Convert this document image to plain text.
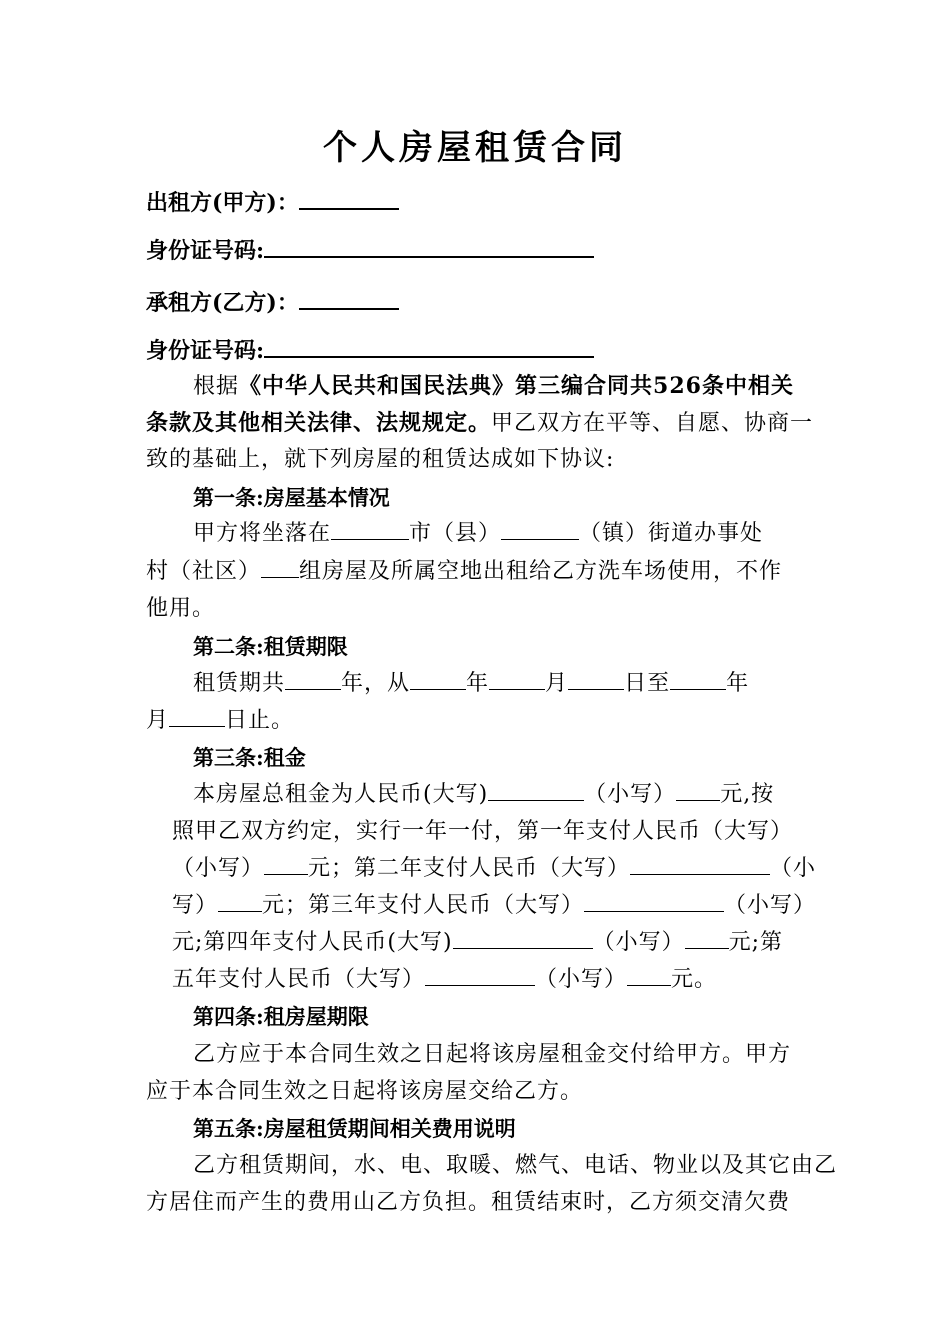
个人房屋租赁合同
出租方(甲方)：
身份证号码:
承租方(乙方)：
身份证号码:
根据《中华人民共和国民法典》第三编合同共526条中相关
条款及其他相关法律、法规规定。甲乙双方在平等、自愿、协商一
致的基础上，就下列房屋的租赁达成如下协议:
第一条:房屋基本情况
甲方将坐落在	市（县）	（镇）街道办事处
村（社区） 组房屋及所属空地出租给乙方洗车场使用，不作
他用。
第二条:租赁期限
租赁期共	年，从	年	月	日至	年
月	日止。
第三条:租金
本房屋总租金为人民币(大写)	（小写） 元,按
照甲乙双方约定，实行一年一付，第一年支付人民币（大写）
（小写） 元；第二年支付人民币（大写）	（小
写） 元；第三年支付人民币（大写）	（小写）
元;第四年支付人民币(大写)	（小写） 元;第
五年支付人民币（大写）	（小写） 元。
第四条:租房屋期限
乙方应于本合同生效之日起将该房屋租金交付给甲方。甲方
应于本合同生效之日起将该房屋交给乙方。
第五条:房屋租赁期间相关费用说明
乙方租赁期间，水、电、取暖、燃气、电话、物业以及其它由乙
方居住而产生的费用山乙方负担。租赁结束时，乙方须交清欠费
